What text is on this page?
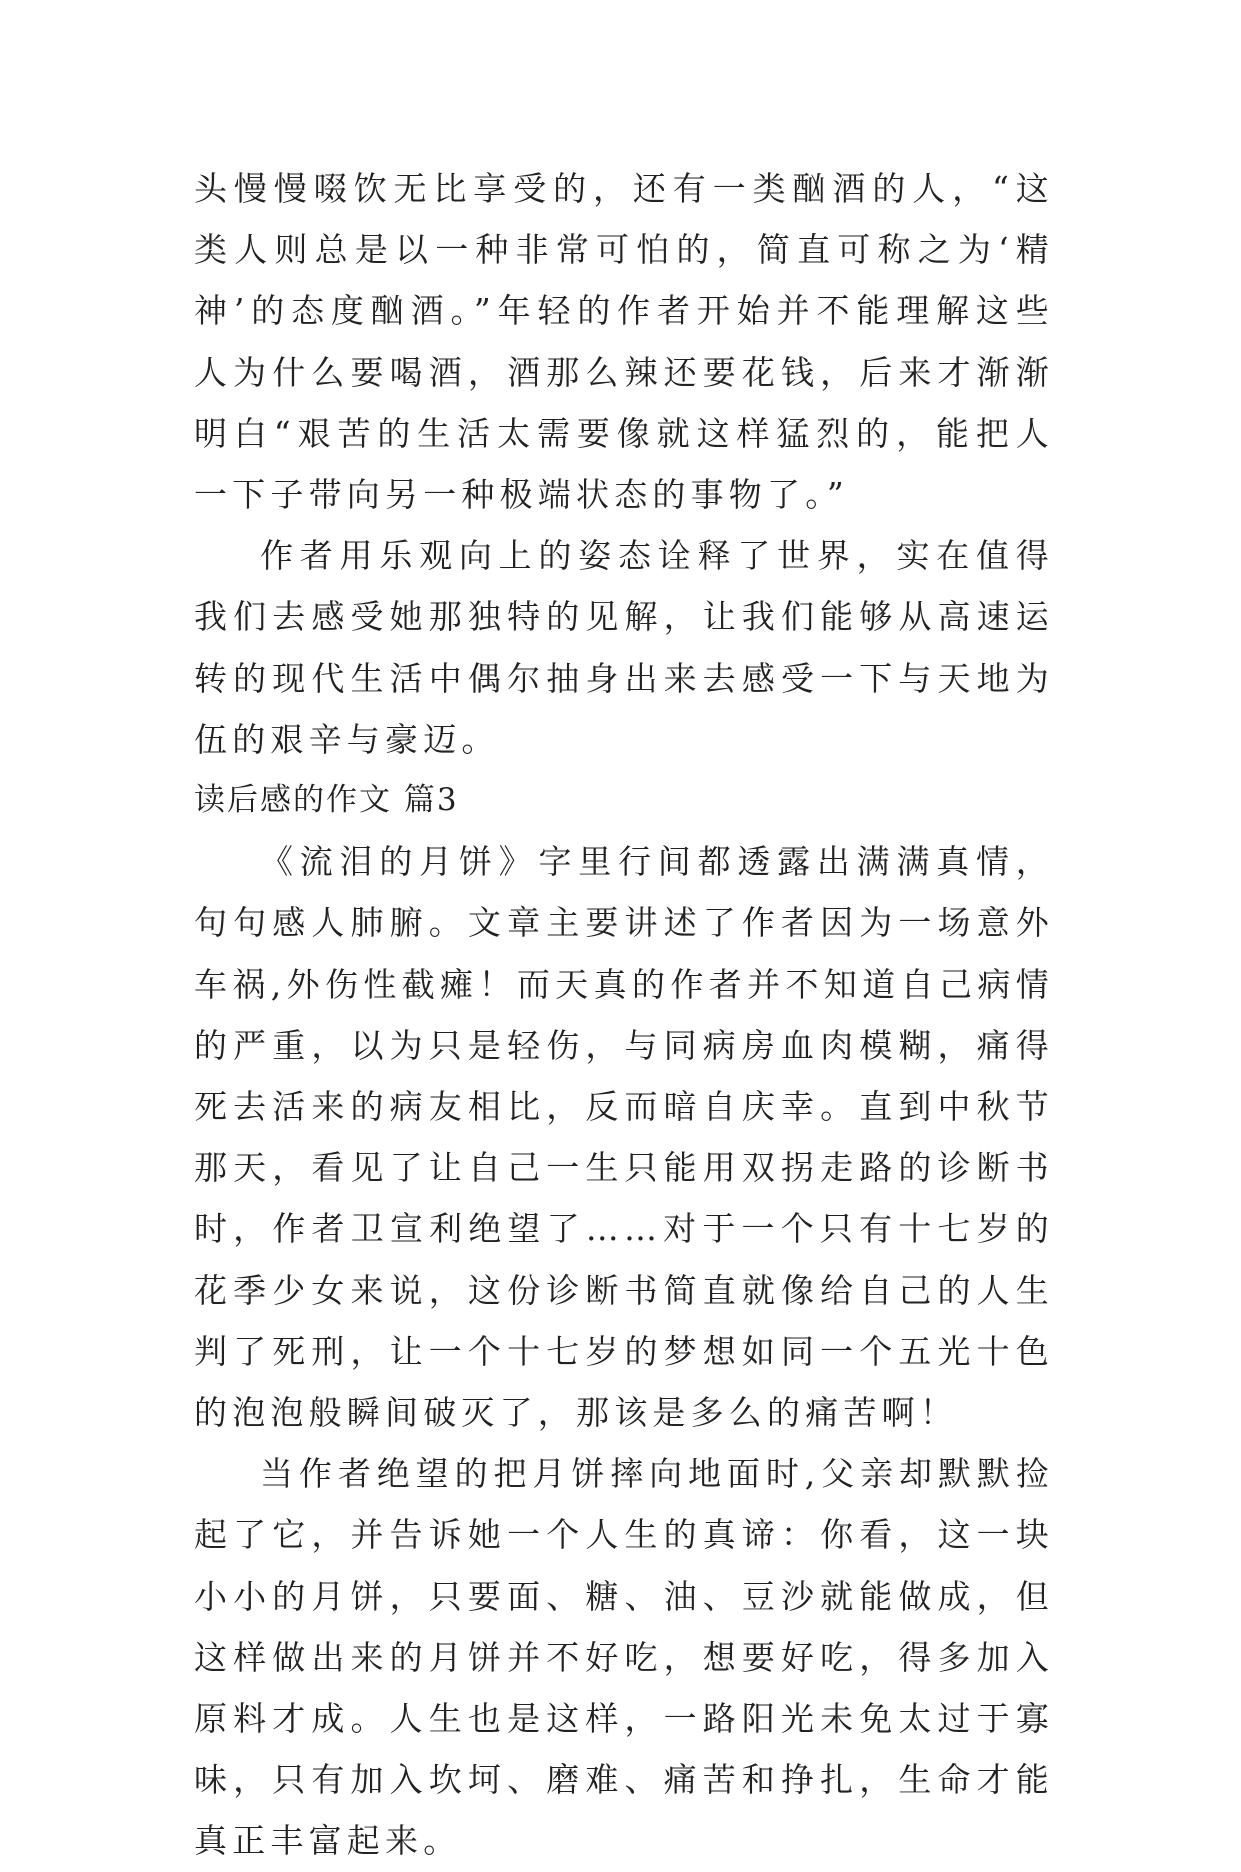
头慢慢啜饮无比享受的，还有一类酗酒的人，“这类人则总是以一种非常可怕的，简直可称之为‘精神’的态度酗酒。”年轻的作者开始并不能理解这些人为什么要喝酒，酒那么辣还要花钱，后来才渐渐明白“艰苦的生活太需要像就这样猛烈的，能把人一下子带向另一种极端状态的事物了。”

作者用乐观向上的姿态诠释了世界，实在值得我们去感受她那独特的见解，让我们能够从高速运转的现代生活中偶尔抽身出来去感受一下与天地为伍的艰辛与豪迈。

读后感的作文 篇3

《流泪的月饼》字里行间都透露出满满真情，句句感人肺腑。文章主要讲述了作者因为一场意外车祸,外伤性截瘫！而天真的作者并不知道自己病情的严重，以为只是轻伤，与同病房血肉模糊，痛得死去活来的病友相比，反而暗自庆幸。直到中秋节那天，看见了让自己一生只能用双拐走路的诊断书时，作者卫宣利绝望了……对于一个只有十七岁的花季少女来说，这份诊断书简直就像给自己的人生判了死刑，让一个十七岁的梦想如同一个五光十色的泡泡般瞬间破灭了，那该是多么的痛苦啊！

当作者绝望的把月饼摔向地面时,父亲却默默捡起了它，并告诉她一个人生的真谛：你看，这一块小小的月饼，只要面、糖、油、豆沙就能做成，但这样做出来的月饼并不好吃，想要好吃，得多加入原料才成。人生也是这样，一路阳光未免太过于寡味，只有加入坎坷、磨难、痛苦和挣扎，生命才能真正丰富起来。
